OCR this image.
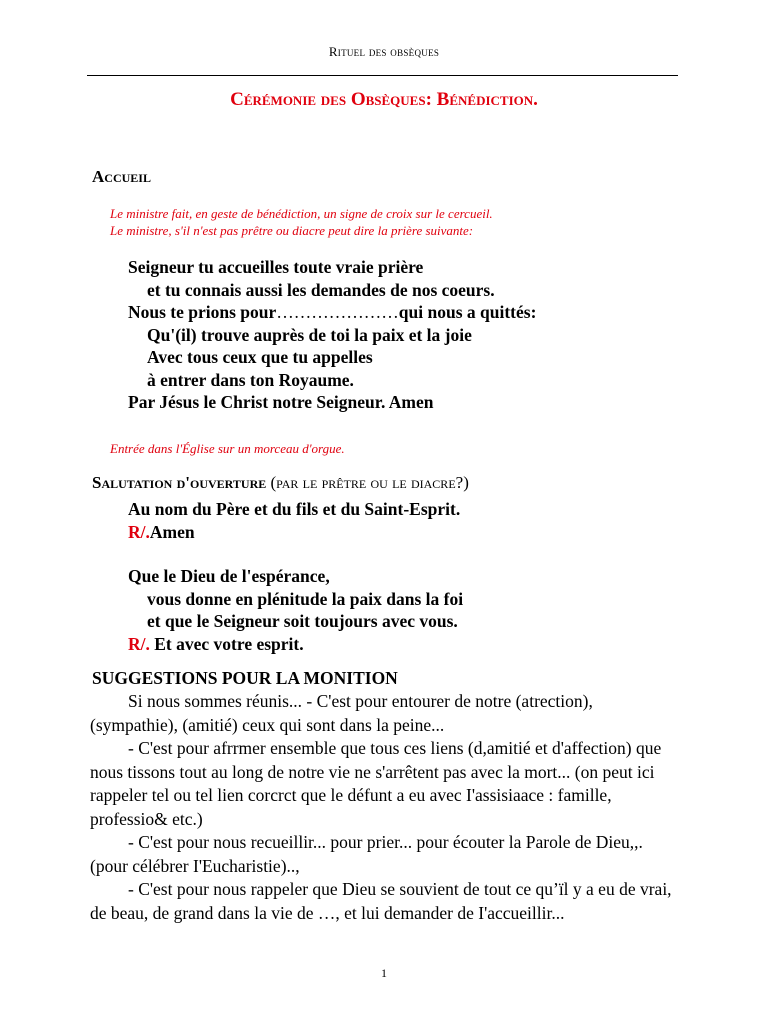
Rituel des obsèques
Cérémonie des Obsèques: Bénédiction.
Accueil
Le ministre fait, en geste de bénédiction, un signe de croix sur le cercueil.
Le ministre, s'il n'est pas prêtre ou diacre peut dire la prière suivante:
Seigneur tu accueilles toute vraie prière
et tu connais aussi les demandes de nos coeurs.
Nous te prions pour…………………qui nous a quittés:
Qu'(il) trouve auprès de toi la paix et la joie
Avec tous ceux que tu appelles
à entrer dans ton Royaume.
Par Jésus le Christ notre Seigneur. Amen
Entrée dans l'Église sur un morceau d'orgue.
Salutation d'ouverture (par le prêtre ou le diacre?)
Au nom du Père et du fils et du Saint-Esprit.
R/.Amen
Que le Dieu de l'espérance,
vous donne en plénitude la paix dans la foi
et que le Seigneur soit toujours avec vous.
R/. Et avec votre esprit.
SUGGESTIONS POUR LA MONITION

Si nous sommes réunis... - C'est pour entourer de notre (atrection), (sympathie), (amitié) ceux qui sont dans la peine...

- C'est pour afrrmer ensemble que tous ces liens (d,amitié et d'affection) que nous tissons tout au long de notre vie ne s'arrêtent pas avec la mort... (on peut ici rappeler tel ou tel lien corcrct que le défunt a eu avec I'assisiaace : famille, professio& etc.)

- C'est pour nous recueillir... pour prier... pour écouter la Parole de Dieu,,. (pour célébrer I'Eucharistie)..,

- C'est pour nous rappeler que Dieu se souvient de tout ce qu’ïl y a eu de vrai, de beau, de grand dans la vie de …, et lui demander de I'accueillir...

1
